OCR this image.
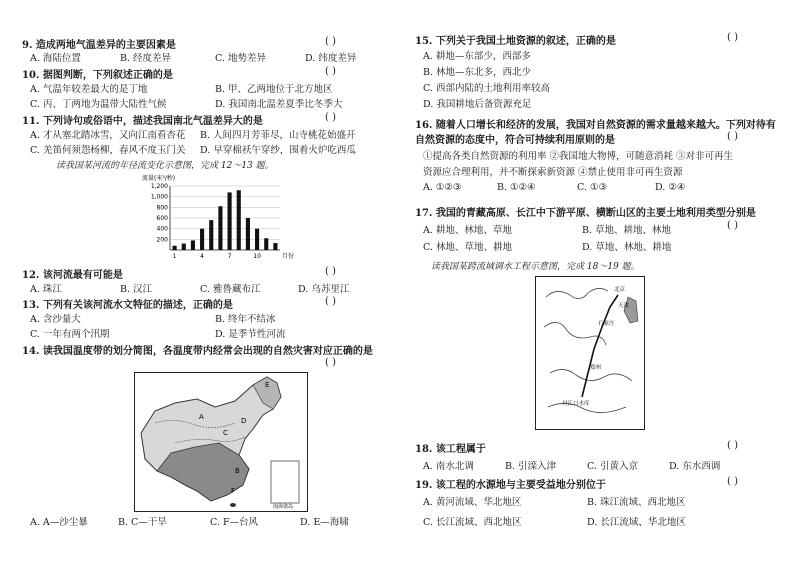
9. 造成两地气温差异的主要因素是	( )
A. 海陆位置	B. 经度差异	C. 地势差异	D. 纬度差异
10. 据图判断，下列叙述正确的是	( )
A. 气温年较差最大的是丁地	B. 甲、乙两地位于北方地区
C. 丙、丁两地为温带大陆性气候	D. 我国南北温差夏季比冬季大
11. 下列诗句或俗语中，描述我国南北气温差异大的是	( )
A. 才从塞北踏冰雪，又向江南看杏花 B. 人间四月芳菲尽，山寺桃花始盛开
C. 羌笛何须怨杨柳，春风不度玉门关 D. 早穿棉袄午穿纱，围着火炉吃西瓜
读我国某河流的年径流变化示意图，完成 12～13 题。
200
400
600
800
1,000
1,200
流量(米³/秒)
1	4	7	10	月份
12. 该河流最有可能是	( )
A. 珠江	B. 汉江	C. 雅鲁藏布江	D. 乌苏里江
13. 下列有关该河流水文特征的描述，正确的是	( )
A. 含沙量大	B. 终年不结冰
C. 一年有两个汛期	D. 是季节性河流
14. 读我国温度带的划分简图，各温度带内经常会出现的自然灾害对应正确的是
( )
A
B
C
D
E
F
南海诸岛
A. A—沙尘暴	B. C—干旱	C. F—台风	D. E—海啸
15. 下列关于我国土地资源的叙述，正确的是	( )
A. 耕地—东部少，西部多
B. 林地—东北多，西北少
C. 西部内陆的土地利用率较高
D. 我国耕地后备资源充足
16. 随着人口增长和经济的发展，我国对自然资源的需求量越来越大。下列对待有
自然资源的态度中，符合可持续利用原则的是	( )
①提高各类自然资源的利用率 ②我国地大物博，可随意消耗 ③对非可再生
资源应合理利用，并不断探索新资源 ④禁止使用非可再生资源
A. ①②③	B. ①②④	C. ①③	D. ②④
17. 我国的青藏高原、长江中下游平原、横断山区的主要土地利用类型分别是
( )
A. 耕地、林地、草地	B. 草地、耕地、林地
C. 林地、草地、耕地	D. 草地、林地、耕地
读我国某跨流域调水工程示意图，完成 18～19 题。
石家庄
北京
天津
郑州
丹江口水库
18. 该工程属于	( )
A. 南水北调	B. 引滦入津	C. 引黄入京	D. 东水西调
19. 该工程的水源地与主要受益地分别位于	( )
A. 黄河流域、华北地区	B. 珠江流域、西北地区
C. 长江流域、西北地区	D. 长江流域、华北地区
